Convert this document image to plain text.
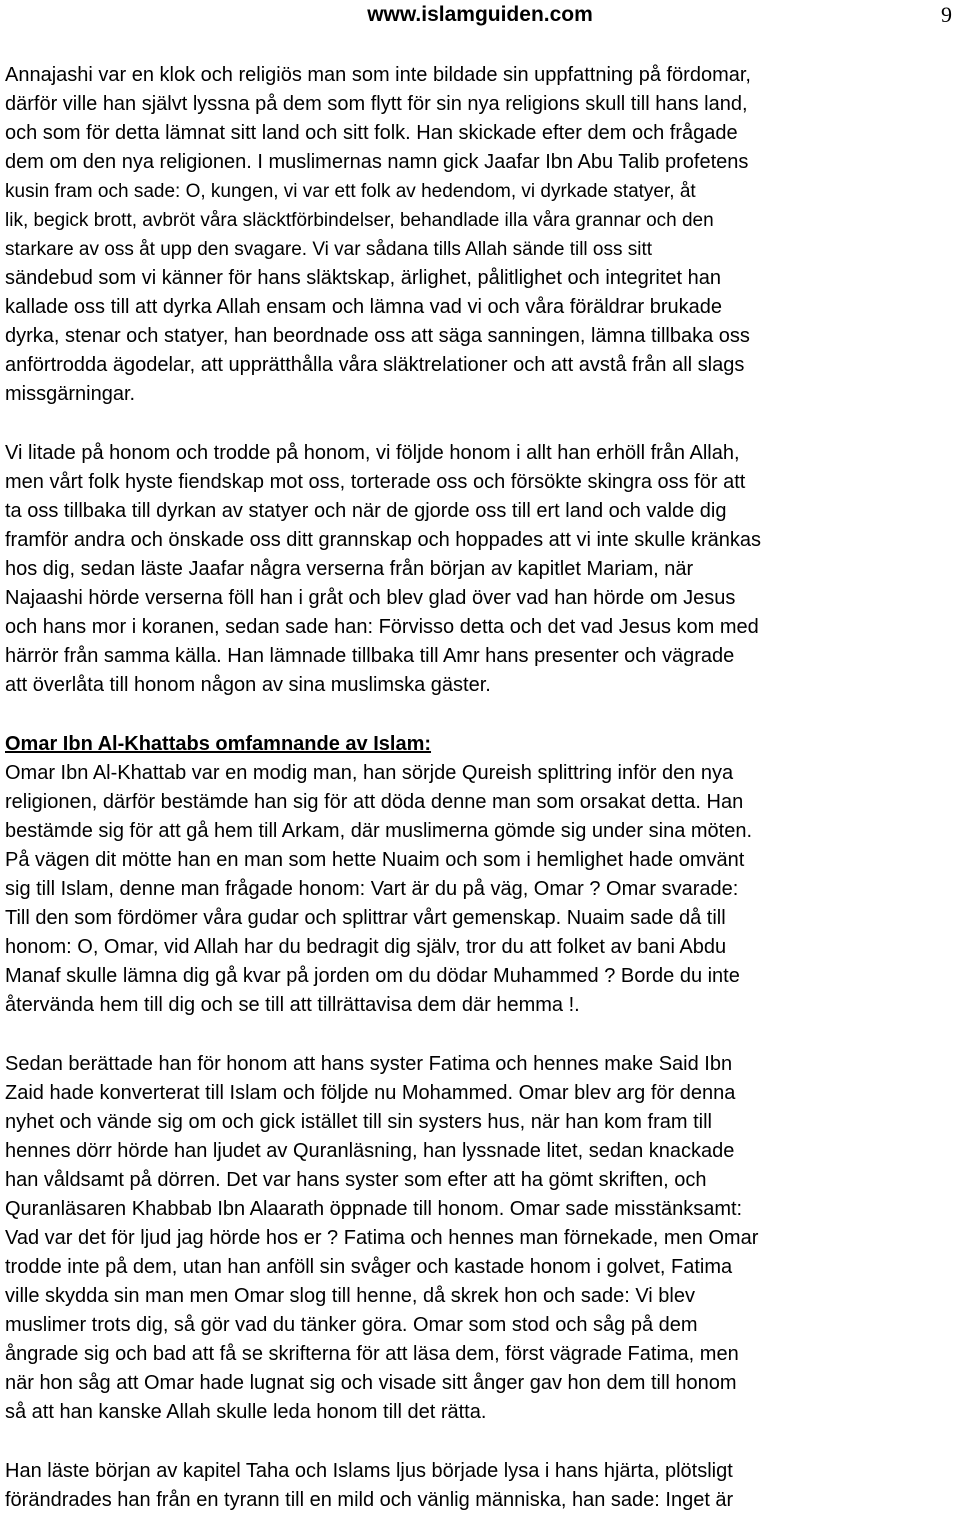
www.islamguiden.com	9
Annajashi var en klok och religiös man som inte bildade sin uppfattning på fördomar,
därför ville han självt lyssna på dem som flytt för sin nya religions skull till hans land,
och som för detta lämnat sitt land och sitt folk. Han skickade efter dem och frågade
dem om den nya religionen. I muslimernas namn gick Jaafar Ibn Abu Talib profetens
kusin fram och sade: O, kungen, vi var ett folk av hedendom, vi dyrkade statyer, åt
lik, begick brott, avbröt våra släcktförbindelser, behandlade illa våra grannar och den
starkare av oss åt upp den svagare. Vi var sådana tills Allah sände till oss sitt
sändebud som vi känner för hans släktskap, ärlighet, pålitlighet och integritet han
kallade oss till att dyrka Allah ensam och lämna vad vi och våra föräldrar brukade
dyrka, stenar och statyer, han beordnade oss att säga sanningen, lämna tillbaka oss
anförtrodda ägodelar, att upprätthålla våra släktrelationer och att avstå från all slags
missgärningar.
Vi litade på honom och trodde på honom, vi följde honom i allt han erhöll från Allah,
men vårt folk hyste fiendskap mot oss, torterade oss och försökte skingra oss för att
ta oss tillbaka till dyrkan av statyer och när de gjorde oss till ert land och valde dig
framför andra och önskade oss ditt grannskap och hoppades att vi inte skulle kränkas
hos dig, sedan läste Jaafar några verserna från början av kapitlet Mariam, när
Najaashi hörde verserna föll han i gråt och blev glad över vad han hörde om Jesus
och hans mor i koranen, sedan sade han: Förvisso detta och det vad Jesus kom med
härrör från samma källa. Han lämnade tillbaka till Amr hans presenter och vägrade
att överlåta till honom någon av sina muslimska gäster.
Omar Ibn Al-Khattabs omfamnande av Islam:
Omar Ibn Al-Khattab var en modig man, han sörjde Qureish splittring inför den nya
religionen, därför bestämde han sig för att döda denne man som orsakat detta. Han
bestämde sig för att gå hem till Arkam, där muslimerna gömde sig under sina möten.
På vägen dit mötte han en man som hette Nuaim och som i hemlighet hade omvänt
sig till Islam, denne man frågade honom: Vart är du på väg, Omar ? Omar svarade:
Till den som fördömer våra gudar och splittrar vårt gemenskap. Nuaim sade då till
honom: O, Omar, vid Allah har du bedragit dig själv, tror du att folket av bani Abdu
Manaf skulle lämna dig gå kvar på jorden om du dödar Muhammed ? Borde du inte
återvända hem till dig och se till att tillrättavisa dem där hemma !.
Sedan berättade han för honom att hans syster Fatima och hennes make Said Ibn
Zaid hade konverterat till Islam och följde nu Mohammed. Omar blev arg för denna
nyhet och vände sig om och gick istället till sin systers hus, när han kom fram till
hennes dörr hörde han ljudet av Quranläsning, han lyssnade litet, sedan knackade
han våldsamt på dörren. Det var hans syster som efter att ha gömt skriften, och
Quranläsaren Khabbab Ibn Alaarath öppnade till honom. Omar sade misstänksamt:
Vad var det för ljud jag hörde hos er ? Fatima och hennes man förnekade, men Omar
trodde inte på dem, utan han anföll sin svåger och kastade honom i golvet, Fatima
ville skydda sin man men Omar slog till henne, då skrek hon och sade: Vi blev
muslimer trots dig, så gör vad du tänker göra. Omar som stod och såg på dem
ångrade sig och bad att få se skrifterna för att läsa dem, först vägrade Fatima, men
när hon såg att Omar hade lugnat sig och visade sitt ånger gav hon dem till honom
så att han kanske Allah skulle leda honom till det rätta.
Han läste början av kapitel Taha och Islams ljus började lysa i hans hjärta, plötsligt
förändrades han från en tyrann till en mild och vänlig människa, han sade: Inget är
